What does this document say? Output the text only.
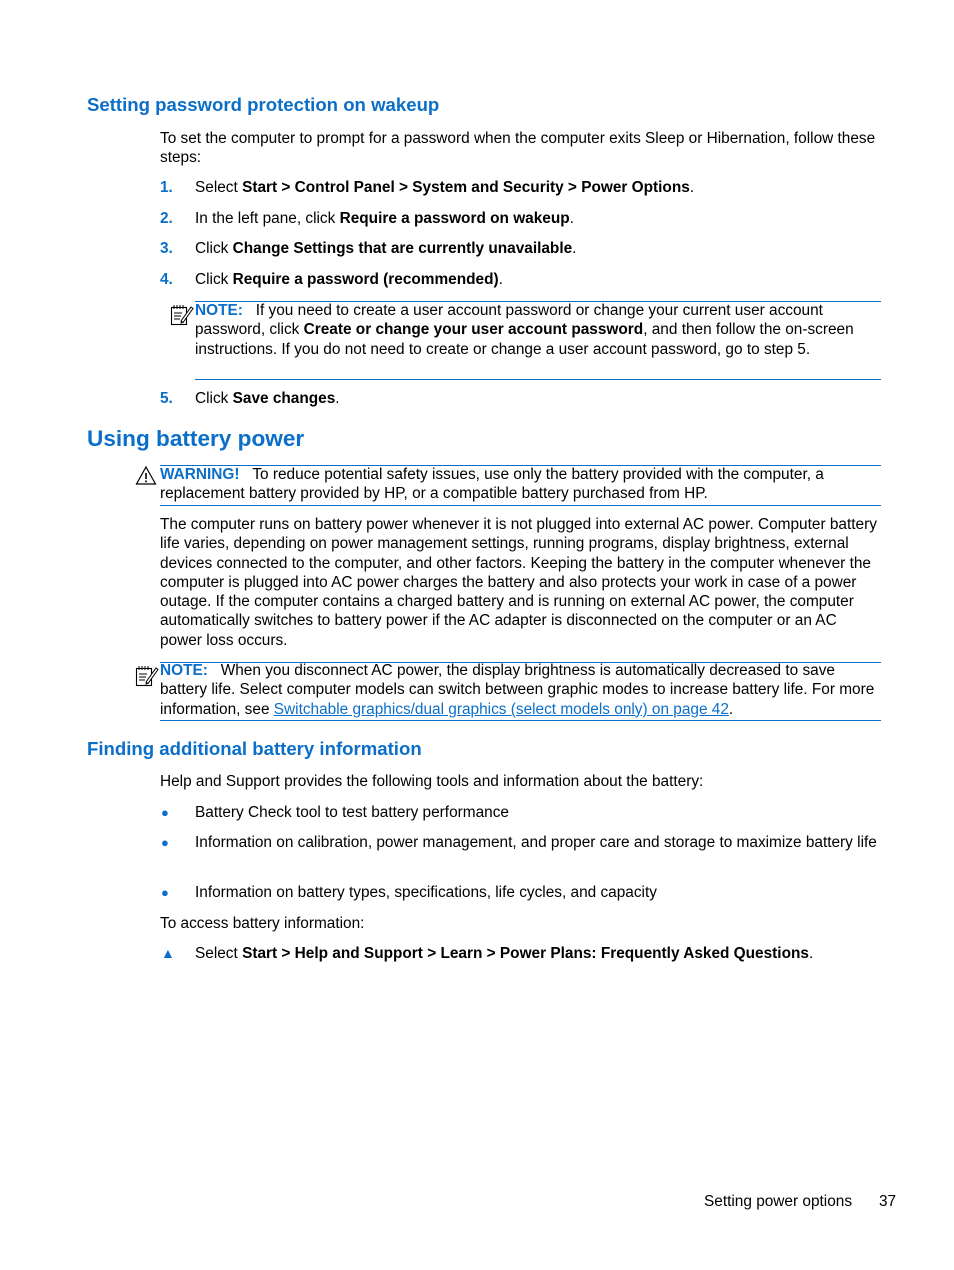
Setting password protection on wakeup
To set the computer to prompt for a password when the computer exits Sleep or Hibernation, follow these steps:
1. Select Start > Control Panel > System and Security > Power Options.
2. In the left pane, click Require a password on wakeup.
3. Click Change Settings that are currently unavailable.
4. Click Require a password (recommended).
NOTE: If you need to create a user account password or change your current user account password, click Create or change your user account password, and then follow the on-screen instructions. If you do not need to create or change a user account password, go to step 5.
5. Click Save changes.
Using battery power
WARNING! To reduce potential safety issues, use only the battery provided with the computer, a replacement battery provided by HP, or a compatible battery purchased from HP.
The computer runs on battery power whenever it is not plugged into external AC power. Computer battery life varies, depending on power management settings, running programs, display brightness, external devices connected to the computer, and other factors. Keeping the battery in the computer whenever the computer is plugged into AC power charges the battery and also protects your work in case of a power outage. If the computer contains a charged battery and is running on external AC power, the computer automatically switches to battery power if the AC adapter is disconnected on the computer or an AC power loss occurs.
NOTE: When you disconnect AC power, the display brightness is automatically decreased to save battery life. Select computer models can switch between graphic modes to increase battery life. For more information, see Switchable graphics/dual graphics (select models only) on page 42.
Finding additional battery information
Help and Support provides the following tools and information about the battery:
● Battery Check tool to test battery performance
● Information on calibration, power management, and proper care and storage to maximize battery life
● Information on battery types, specifications, life cycles, and capacity
To access battery information:
▲ Select Start > Help and Support > Learn > Power Plans: Frequently Asked Questions.
Setting power options 37
